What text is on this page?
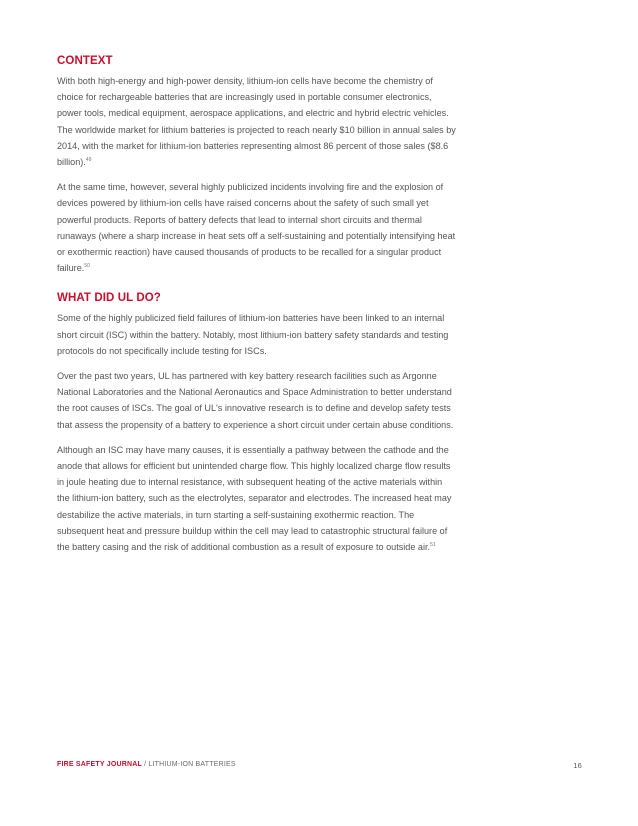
CONTEXT

With both high-energy and high-power density, lithium-ion cells have become the chemistry of choice for rechargeable batteries that are increasingly used in portable consumer electronics, power tools, medical equipment, aerospace applications, and electric and hybrid electric vehicles. The worldwide market for lithium batteries is projected to reach nearly $10 billion in annual sales by 2014, with the market for lithium-ion batteries representing almost 86 percent of those sales ($8.6 billion).$^{49}$

At the same time, however, several highly publicized incidents involving fire and the explosion of devices powered by lithium-ion cells have raised concerns about the safety of such small yet powerful products. Reports of battery defects that lead to internal short circuits and thermal runaways (where a sharp increase in heat sets off a self-sustaining and potentially intensifying heat or exothermic reaction) have caused thousands of products to be recalled for a singular product failure.$^{50}$

WHAT DID UL DO?

Some of the highly publicized field failures of lithium-ion batteries have been linked to an internal short circuit (ISC) within the battery. Notably, most lithium-ion battery safety standards and testing protocols do not specifically include testing for ISCs.

Over the past two years, UL has partnered with key battery research facilities such as Argonne National Laboratories and the National Aeronautics and Space Administration to better understand the root causes of ISCs. The goal of UL's innovative research is to define and develop safety tests that assess the propensity of a battery to experience a short circuit under certain abuse conditions.

Although an ISC may have many causes, it is essentially a pathway between the cathode and the anode that allows for efficient but unintended charge flow. This highly localized charge flow results in joule heating due to internal resistance, with subsequent heating of the active materials within the lithium-ion battery, such as the electrolytes, separator and electrodes. The increased heat may destabilize the active materials, in turn starting a self-sustaining exothermic reaction. The subsequent heat and pressure buildup within the cell may lead to catastrophic structural failure of the battery casing and the risk of additional combustion as a result of exposure to outside air.$^{51}$

FIRE SAFETY JOURNAL / LITHIUM-ION BATTERIES	16
